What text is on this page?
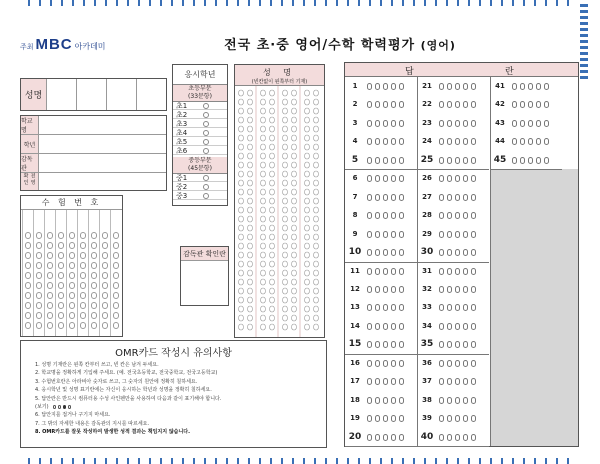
주최 MBC 아카데미	전국 초·중 영어/수학 학력평가 (영어)
성명
학교명
학년
감독관
전 영 확 인
수 험 번 호
응시학년
초등부문
(33문항)
초1
초2
초3
초4
초5
초6
중등부문
(45문항)
중1
중2
중3
감독관 확인란
성 명
(빈칸없이 왼쪽부터 기재)
OMR카드 작성시 유의사항
1. 성명 기재란은 왼쪽 칸부터 쓰고, 빈 칸은 남겨 두세요.
2. 학교명을 정확하게 기입해 주세요. (예. 전국초등학교, 전국중학교, 전국고등학교)
3. 수험번호란은 아라비아 숫자로 쓰고, 그 숫자의 원안에 정확히 칠하세요.
4. 응시학년 및 성명 표기란에는 자신이 응시하는 학년과 성명을 정확히 칠하세요.
5. 답안란은 반드시 컴퓨터용 수성 사인펜만을 사용하여 다음과 같이 표기해야 합니다.
(보기)
6. 답안지를 접거나 구기지 마세요.
7. 그 밖의 자세한 내용은 감독관의 지시를 따르세요.
8. OMR카드를 잘못 작성하여 발생한 성적 결과는 책임지지 않습니다.
답	란
1
2
3
4
5
6
7
8
9
10
11
12
13
14
15
16
17
18
19
20
21
22
23
24
25
26
27
28
29
30
31
32
33
34
35
36
37
38
39
40
41
42
43
44
45
